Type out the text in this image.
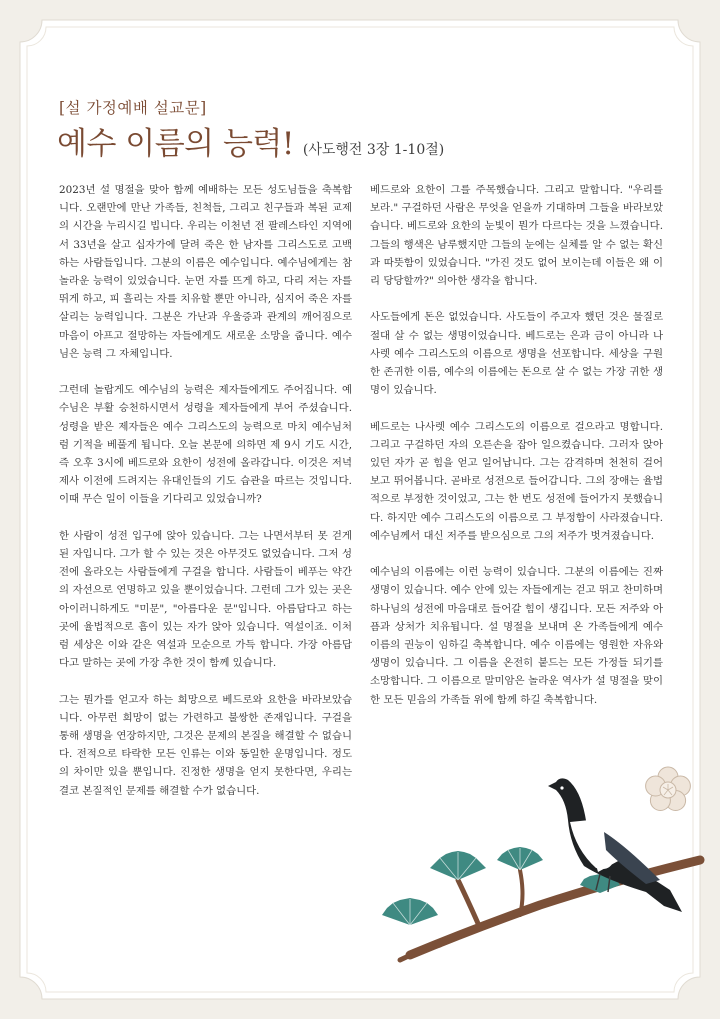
[설 가정예배 설교문]
예수 이름의 능력! (사도행전 3장 1-10절)

2023년 설 명절을 맞아 함께 예배하는 모든 성도님들을 축복합니다. 오랜만에 만난 가족들, 친척들, 그리고 친구들과 복된 교제의 시간을 누리시길 빕니다. 우리는 이천년 전 팔레스타인 지역에서 33년을 살고 십자가에 달려 죽은 한 남자를 그리스도로 고백하는 사람들입니다. 그분의 이름은 예수입니다. 예수님에게는 참 놀라운 능력이 있었습니다. 눈먼 자를 뜨게 하고, 다리 저는 자를 뛰게 하고, 피 흘리는 자를 치유할 뿐만 아니라, 심지어 죽은 자를 살리는 능력입니다. 그분은 가난과 우울증과 관계의 깨어짐으로 마음이 아프고 절망하는 자들에게도 새로운 소망을 줍니다. 예수님은 능력 그 자체입니다.

그런데 놀랍게도 예수님의 능력은 제자들에게도 주어집니다. 예수님은 부활 승천하시면서 성령을 제자들에게 부어 주셨습니다. 성령을 받은 제자들은 예수 그리스도의 능력으로 마치 예수님처럼 기적을 베풀게 됩니다. 오늘 본문에 의하면 제 9시 기도 시간, 즉 오후 3시에 베드로와 요한이 성전에 올라갑니다. 이것은 저녁 제사 이전에 드려지는 유대인들의 기도 습관을 따르는 것입니다. 이때 무슨 일이 이들을 기다리고 있었습니까?

한 사람이 성전 입구에 앉아 있습니다. 그는 나면서부터 못 걷게 된 자입니다. 그가 할 수 있는 것은 아무것도 없었습니다. 그저 성전에 올라오는 사람들에게 구걸을 합니다. 사람들이 베푸는 약간의 자선으로 연명하고 있을 뿐이었습니다. 그런데 그가 있는 곳은 아이러니하게도 "미문", "아름다운 문"입니다. 아름답다고 하는 곳에 율법적으로 흠이 있는 자가 앉아 있습니다. 역설이죠. 이처럼 세상은 이와 같은 역설과 모순으로 가득 합니다. 가장 아름답다고 말하는 곳에 가장 추한 것이 함께 있습니다.

그는 뭔가를 얻고자 하는 희망으로 베드로와 요한을 바라보았습니다. 아무런 희망이 없는 가련하고 불쌍한 존재입니다. 구걸을 통해 생명을 연장하지만, 그것은 문제의 본질을 해결할 수 없습니다. 전적으로 타락한 모든 인류는 이와 동일한 운명입니다. 정도의 차이만 있을 뿐입니다. 진정한 생명을 얻지 못한다면, 우리는 결코 본질적인 문제를 해결할 수가 없습니다.

베드로와 요한이 그를 주목했습니다. 그리고 말합니다. "우리를 보라." 구걸하던 사람은 무엇을 얻을까 기대하며 그들을 바라보았습니다. 베드로와 요한의 눈빛이 뭔가 다르다는 것을 느꼈습니다. 그들의 행색은 남루했지만 그들의 눈에는 실체를 알 수 없는 확신과 따뜻함이 있었습니다. "가진 것도 없어 보이는데 이들은 왜 이리 당당할까?" 의아한 생각을 합니다.

사도들에게 돈은 없었습니다. 사도들이 주고자 했던 것은 물질로 절대 살 수 없는 생명이었습니다. 베드로는 은과 금이 아니라 나사렛 예수 그리스도의 이름으로 생명을 선포합니다. 세상을 구원한 존귀한 이름, 예수의 이름에는 돈으로 살 수 없는 가장 귀한 생명이 있습니다.

베드로는 나사렛 예수 그리스도의 이름으로 걸으라고 명합니다. 그리고 구걸하던 자의 오른손을 잡아 일으켰습니다. 그러자 앉아 있던 자가 곧 힘을 얻고 일어납니다. 그는 감격하며 천천히 걸어보고 뛰어봅니다. 곧바로 성전으로 들어갑니다. 그의 장애는 율법적으로 부정한 것이었고, 그는 한 번도 성전에 들어가지 못했습니다. 하지만 예수 그리스도의 이름으로 그 부정함이 사라졌습니다. 예수님께서 대신 저주를 받으심으로 그의 저주가 벗겨졌습니다.

예수님의 이름에는 이런 능력이 있습니다. 그분의 이름에는 진짜 생명이 있습니다. 예수 안에 있는 자들에게는 걷고 뛰고 찬미하며 하나님의 성전에 마음대로 들어갈 힘이 생깁니다. 모든 저주와 아픔과 상처가 치유됩니다. 설 명절을 보내며 온 가족들에게 예수 이름의 권능이 임하길 축복합니다. 예수 이름에는 영원한 자유와 생명이 있습니다. 그 이름을 온전히 붙드는 모든 가정들 되기를 소망합니다. 그 이름으로 말미암은 놀라운 역사가 설 명절을 맞이한 모든 믿음의 가족들 위에 함께 하길 축복합니다.
